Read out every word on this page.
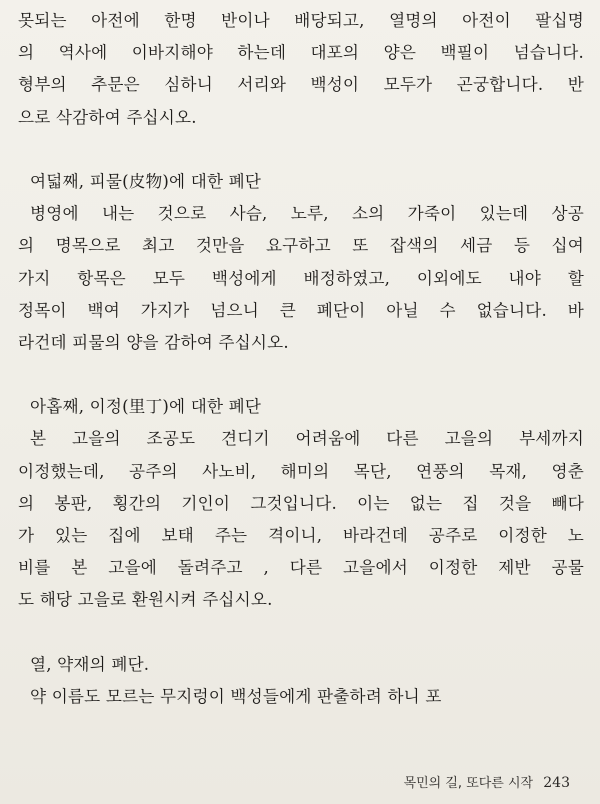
못되는 아전에 한명 반이나 배당되고, 열명의 아전이 팔십명
의 역사에 이바지해야 하는데 대포의 양은 백필이 넘습니다.
형부의 추문은 심하니 서리와 백성이 모두가 곤궁합니다. 반
으로 삭감하여 주십시오.
여덟째, 피물(皮物)에 대한 폐단
병영에 내는 것으로 사슴, 노루, 소의 가죽이 있는데 상공
의 명목으로 최고 것만을 요구하고 또 잡색의 세금 등 십여
가지 항목은 모두 백성에게 배정하였고, 이외에도 내야 할
정목이 백여 가지가 넘으니 큰 폐단이 아닐 수 없습니다. 바
라건데 피물의 양을 감하여 주십시오.
아홉째, 이정(里丁)에 대한 폐단
본 고을의 조공도 견디기 어려움에 다른 고을의 부세까지
이정했는데, 공주의 사노비, 해미의 목단, 연풍의 목재, 영춘
의 봉판, 횡간의 기인이 그것입니다. 이는 없는 집 것을 빼다
가 있는 집에 보태 주는 격이니, 바라건데 공주로 이정한 노
비를 본 고을에 돌려주고 , 다른 고을에서 이정한 제반 공물
도 해당 고을로 환원시켜 주십시오.
열, 약재의 폐단.
약 이름도 모르는 무지렁이 백성들에게 판출하려 하니 포
목민의 길, 또다른 시작 243
